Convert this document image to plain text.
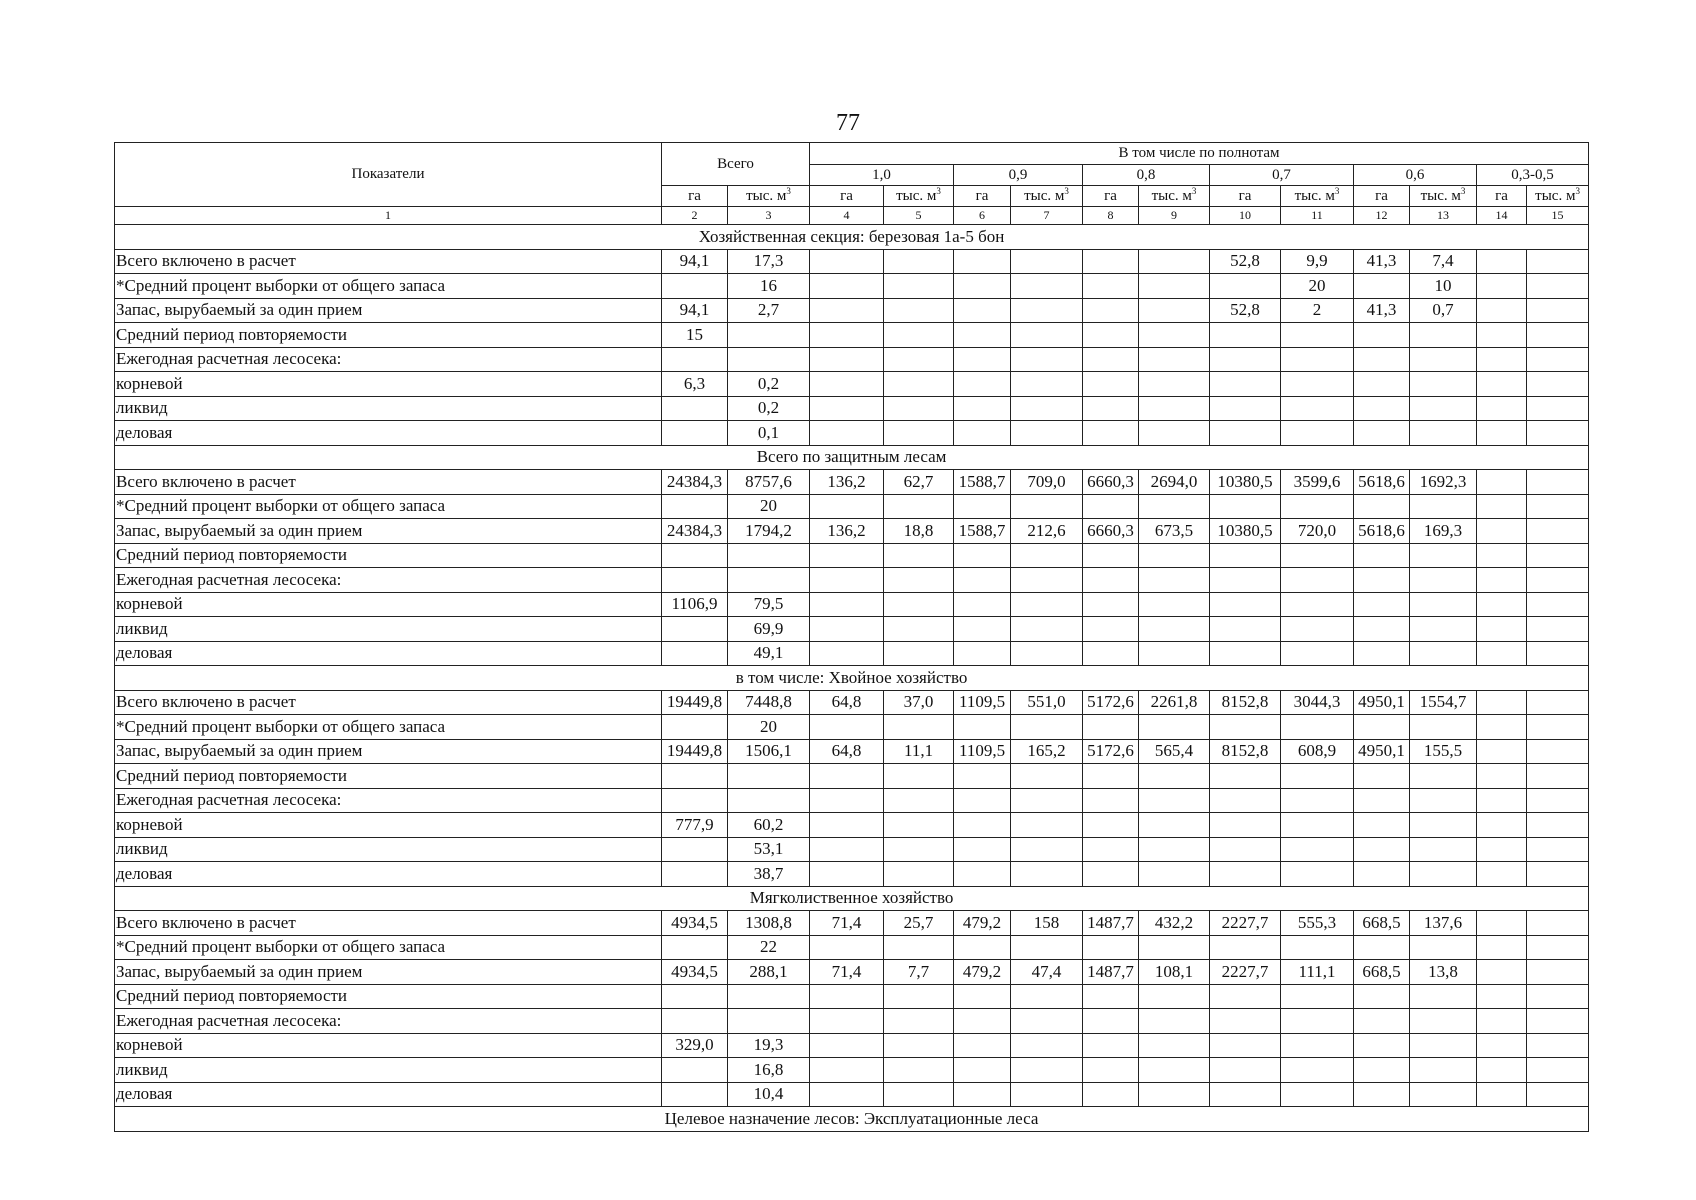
77
Показатели	Всего		В том числе по полнотам											
			1,0		0,9		0,8		0,7		0,6		0,3-0,5	
	га	тыс. $м^3$	га	тыс. $м^3$	га	тыс. $м^3$	га	тыс. $м^3$	га	тыс. $м^3$	га	тыс. $м^3$	га	тыс. $м^3$
1	2	3	4	5	6	7	8	9	10	11	12	13	14	15
Хозяйственная секция: березовая 1а-5 бон														
Всего включено в расчет	94,1	17,3							52,8	9,9	41,3	7,4		
*Средний процент выборки от общего запаса		16								20		10		
Запас, вырубаемый за один прием	94,1	2,7							52,8	2	41,3	0,7		
Средний период повторяемости	15													
Ежегодная расчетная лесосека:														
корневой	6,3	0,2												
ликвид		0,2												
деловая		0,1												
Всего по защитным лесам														
Всего включено в расчет	24384,3	8757,6	136,2	62,7	1588,7	709,0	6660,3	2694,0	10380,5	3599,6	5618,6	1692,3		
*Средний процент выборки от общего запаса		20												
Запас, вырубаемый за один прием	24384,3	1794,2	136,2	18,8	1588,7	212,6	6660,3	673,5	10380,5	720,0	5618,6	169,3		
Средний период повторяемости														
Ежегодная расчетная лесосека:														
корневой	1106,9	79,5												
ликвид		69,9												
деловая		49,1												
в том числе: Хвойное хозяйство														
Всего включено в расчет	19449,8	7448,8	64,8	37,0	1109,5	551,0	5172,6	2261,8	8152,8	3044,3	4950,1	1554,7		
*Средний процент выборки от общего запаса		20												
Запас, вырубаемый за один прием	19449,8	1506,1	64,8	11,1	1109,5	165,2	5172,6	565,4	8152,8	608,9	4950,1	155,5		
Средний период повторяемости														
Ежегодная расчетная лесосека:														
корневой	777,9	60,2												
ликвид		53,1												
деловая		38,7												
Мягколиственное хозяйство														
Всего включено в расчет	4934,5	1308,8	71,4	25,7	479,2	158	1487,7	432,2	2227,7	555,3	668,5	137,6		
*Средний процент выборки от общего запаса		22												
Запас, вырубаемый за один прием	4934,5	288,1	71,4	7,7	479,2	47,4	1487,7	108,1	2227,7	111,1	668,5	13,8		
Средний период повторяемости														
Ежегодная расчетная лесосека:														
корневой	329,0	19,3												
ликвид		16,8												
деловая		10,4												
Целевое назначение лесов: Эксплуатационные леса														
